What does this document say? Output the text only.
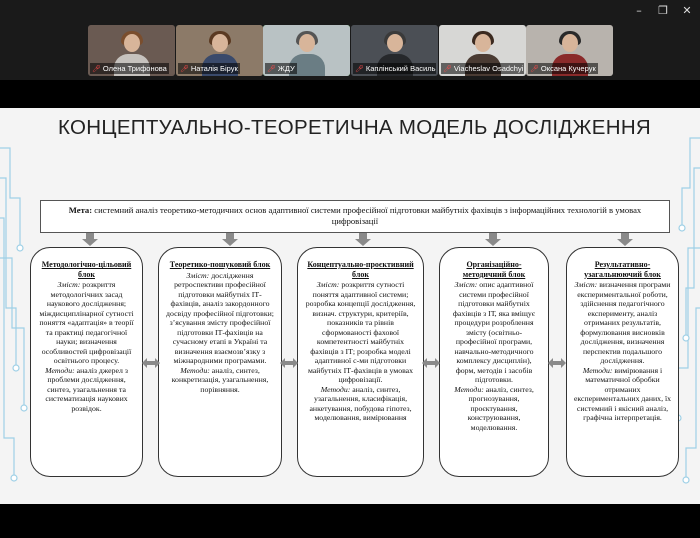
–	❐	✕
🎤︎ Олена Трифонова 🎤︎ Наталія Бірук	🎤︎ ЖДУ	🎤︎ Каплінський Василь 🎤︎ Viacheslav Osadchyi 🎤︎ Оксана Кучерук
КОНЦЕПТУАЛЬНО-ТЕОРЕТИЧНА МОДЕЛЬ ДОСЛІДЖЕННЯ
Мета: системний аналіз теоретико-методичних основ адаптивної системи професійної підготовки майбутніх фахівців з інформаційних технологій в умовах цифровізації
Методологічно-цільовий блок
Зміст: розкриття методологічних засад наукового дослідження; міждисциплінарної сутності поняття «адаптація» в теорії та практиці педагогічної науки; визначення особливостей цифровізації освітнього процесу.
Методи: аналіз джерел з проблеми дослідження, синтез, узагальнення та систематизація наукових розвідок.
Теоретико-пошуковий блок
Зміст: дослідження ретроспективи професійної підготовки майбутніх ІТ-фахівців, аналіз закордонного досвіду професійної підготовки; з’ясування змісту професійної підготовки ІТ-фахівців на сучасному етапі в Україні та визначення взаємозв’язку з міжнародними програмами.
Методи: аналіз, синтез, конкретизація, узагальнення, порівняння.
Концептуально-проєктивний блок
Зміст: розкриття сутності поняття адаптивної системи; розробка концепції дослідження, визнач. структури, критеріїв, показників та рівнів сформованості фахової компетентності майбутніх фахівців з ІТ; розробка моделі адаптивної с-ми підготовки майбутніх ІТ-фахівців в умовах цифровізації.
Методи: аналіз, синтез, узагальнення, класифікація, анкетування, побудова гіпотез, моделювання, вимірювання
Організаційно-методичний блок
Зміст: опис адаптивної системи професійної підготовки майбутніх фахівців з ІТ, яка вміщує процедури розроблення змісту (освітньо-професійної програми, навчально-методичного комплексу дисциплін), форм, методів і засобів підготовки.
Методи: аналіз, синтез, прогнозування, проєктування, конструювання, моделювання.
Результативно-узагальнюючий блок
Зміст: визначення програми експериментальної роботи, здійснення педагогічного експерименту, аналіз отриманих результатів, формулювання висновків дослідження, визначення перспектив подальшого дослідження.
Методи: вимірювання і математичної обробки отриманих експериментальних даних, їх системний і якісний аналіз, графічна інтерпретація.
